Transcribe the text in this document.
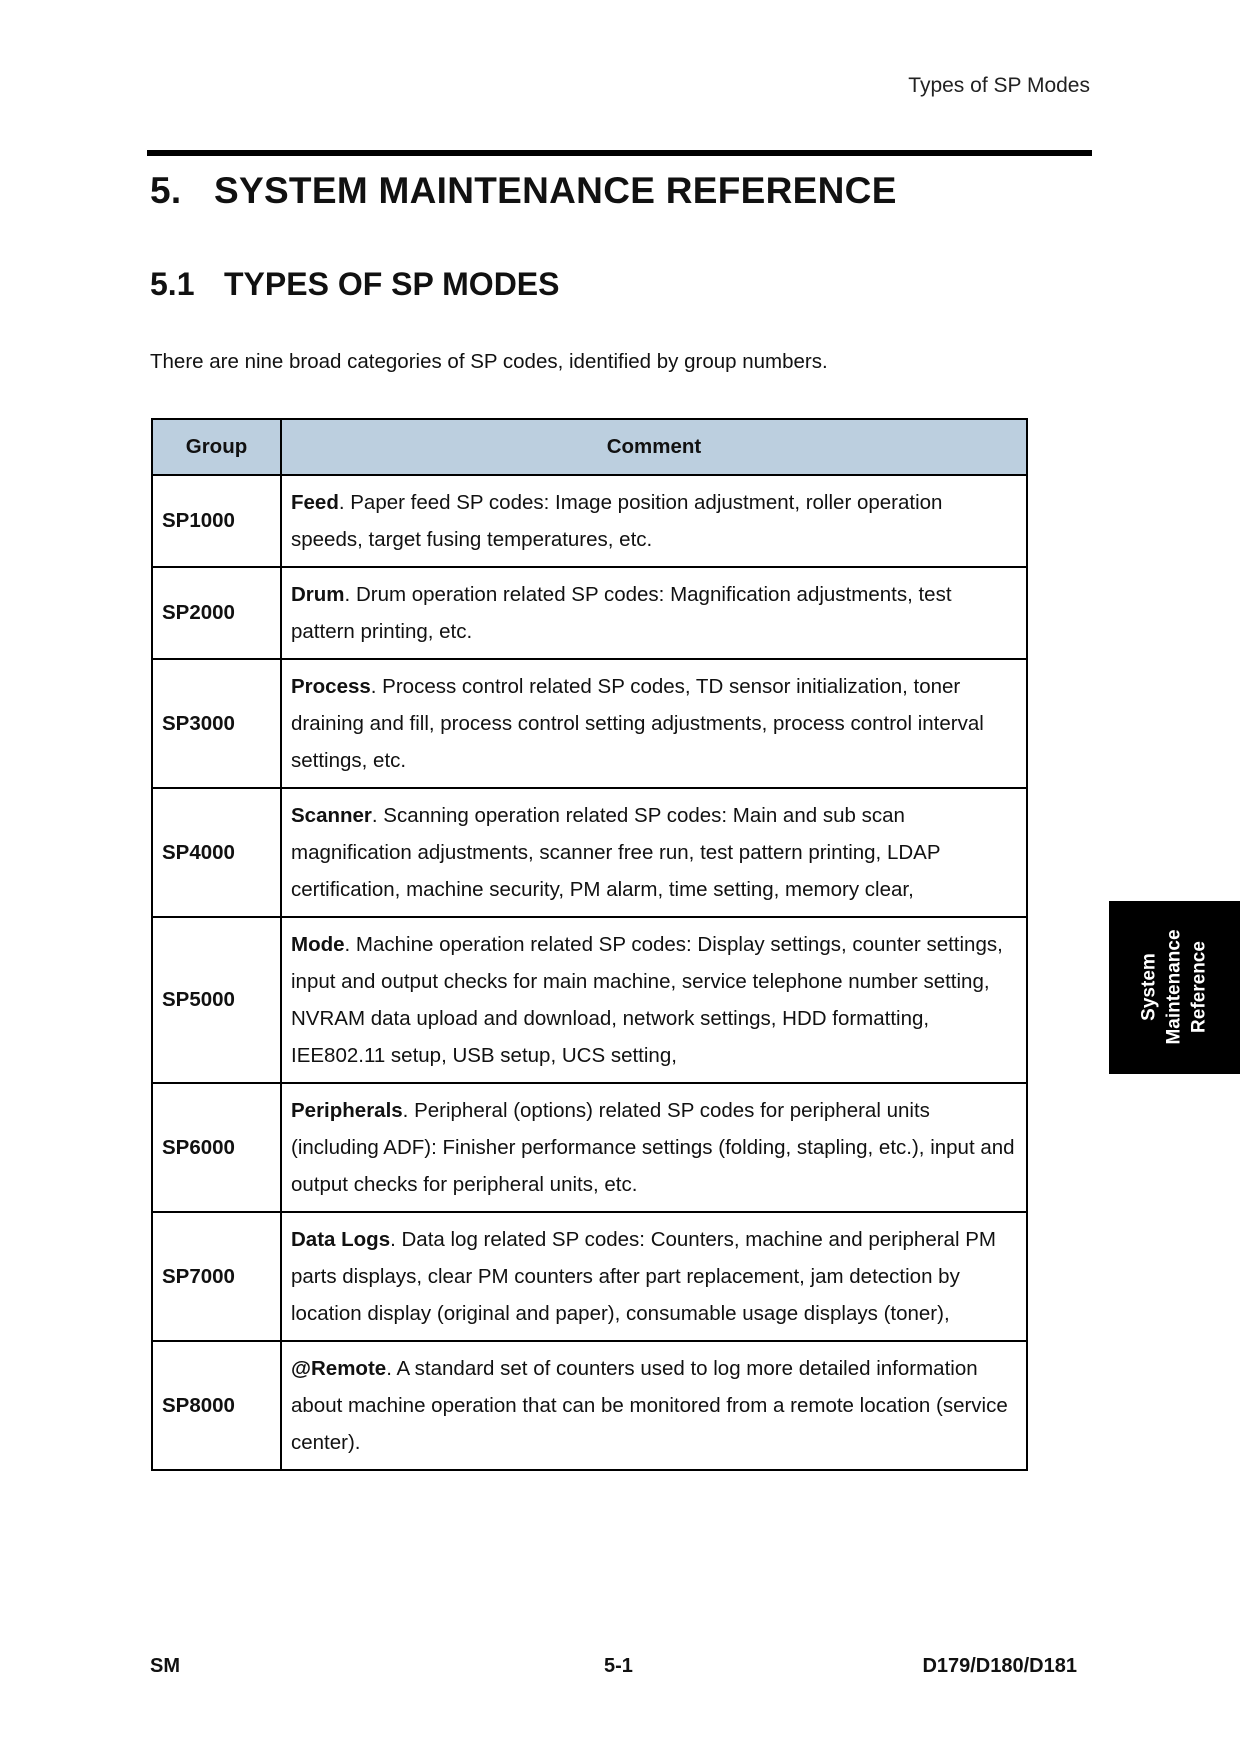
Types of SP Modes
5. SYSTEM MAINTENANCE REFERENCE
5.1 TYPES OF SP MODES

There are nine broad categories of SP codes, identified by group numbers.

Group	Comment
SP1000	Feed. Paper feed SP codes: Image position adjustment, roller operation speeds, target fusing temperatures, etc.
SP2000	Drum. Drum operation related SP codes: Magnification adjustments, test pattern printing, etc.
SP3000	Process. Process control related SP codes, TD sensor initialization, toner draining and fill, process control setting adjustments, process control interval settings, etc.
SP4000	Scanner. Scanning operation related SP codes: Main and sub scan magnification adjustments, scanner free run, test pattern printing, LDAP certification, machine security, PM alarm, time setting, memory clear,
SP5000	Mode. Machine operation related SP codes: Display settings, counter settings, input and output checks for main machine, service telephone number setting, NVRAM data upload and download, network settings, HDD formatting, IEE802.11 setup, USB setup, UCS setting,
SP6000	Peripherals. Peripheral (options) related SP codes for peripheral units (including ADF): Finisher performance settings (folding, stapling, etc.), input and output checks for peripheral units, etc.
SP7000	Data Logs. Data log related SP codes: Counters, machine and peripheral PM parts displays, clear PM counters after part replacement, jam detection by location display (original and paper), consumable usage displays (toner),
SP8000	@Remote. A standard set of counters used to log more detailed information about machine operation that can be monitored from a remote location (service center).
System Maintenance Reference
SM	5-1	D179/D180/D181
